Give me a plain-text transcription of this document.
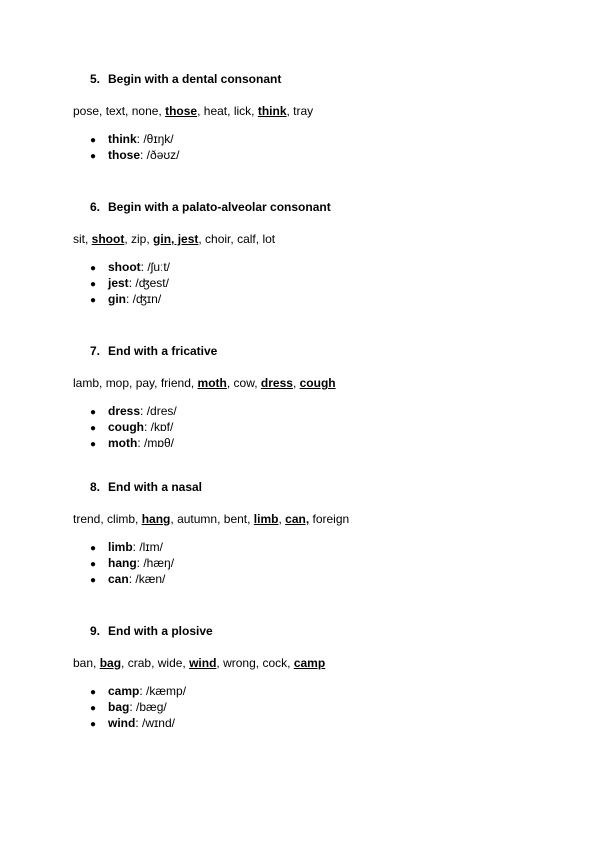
5. Begin with a dental consonant
pose, text, none, those, heat, lick, think, tray
● think: /θɪŋk/
● those: /ðəʊz/
6. Begin with a palato-alveolar consonant
sit, shoot, zip, gin, jest, choir, calf, lot
● shoot: /ʃuːt/
● jest: /ʤest/
● gin: /ʤɪn/
7. End with a fricative
lamb, mop, pay, friend, moth, cow, dress, cough
● dress: /dres/
● cough: /kɒf/
● moth: /mɒθ/
8. End with a nasal
trend, climb, hang, autumn, bent, limb, can, foreign
● limb: /lɪm/
● hang: /hæŋ/
● can: /kæn/
9. End with a plosive
ban, bag, crab, wide, wind, wrong, cock, camp
● camp: /kæmp/
● bag: /bæg/
● wind: /wɪnd/
